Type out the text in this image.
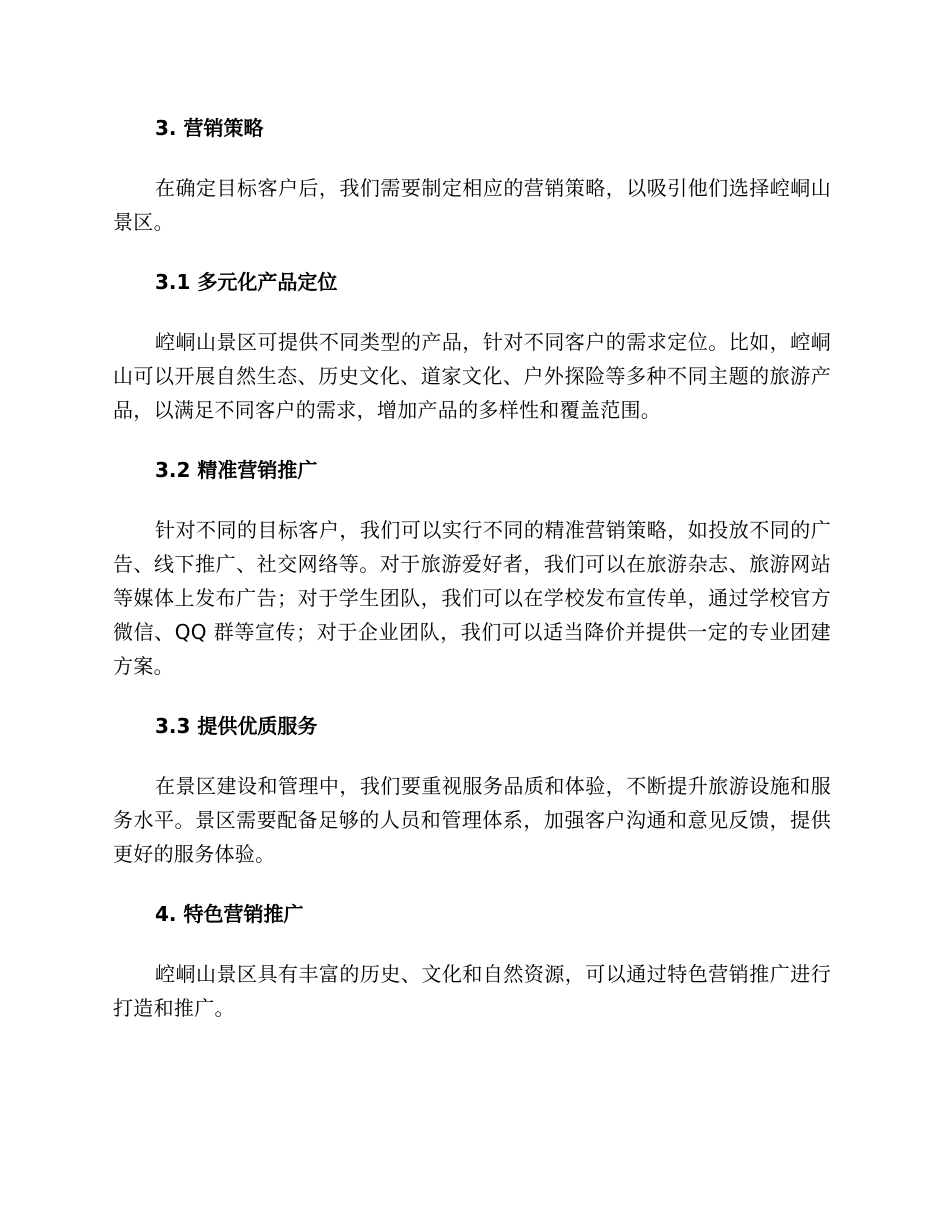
3. 营销策略

在确定目标客户后，我们需要制定相应的营销策略，以吸引他们选择崆峒山景区。

3.1 多元化产品定位

崆峒山景区可提供不同类型的产品，针对不同客户的需求定位。比如，崆峒山可以开展自然生态、历史文化、道家文化、户外探险等多种不同主题的旅游产品，以满足不同客户的需求，增加产品的多样性和覆盖范围。

3.2 精准营销推广

针对不同的目标客户，我们可以实行不同的精准营销策略，如投放不同的广告、线下推广、社交网络等。对于旅游爱好者，我们可以在旅游杂志、旅游网站等媒体上发布广告；对于学生团队，我们可以在学校发布宣传单，通过学校官方微信、QQ 群等宣传；对于企业团队，我们可以适当降价并提供一定的专业团建方案。

3.3 提供优质服务

在景区建设和管理中，我们要重视服务品质和体验，不断提升旅游设施和服务水平。景区需要配备足够的人员和管理体系，加强客户沟通和意见反馈，提供更好的服务体验。

4. 特色营销推广

崆峒山景区具有丰富的历史、文化和自然资源，可以通过特色营销推广进行打造和推广。
